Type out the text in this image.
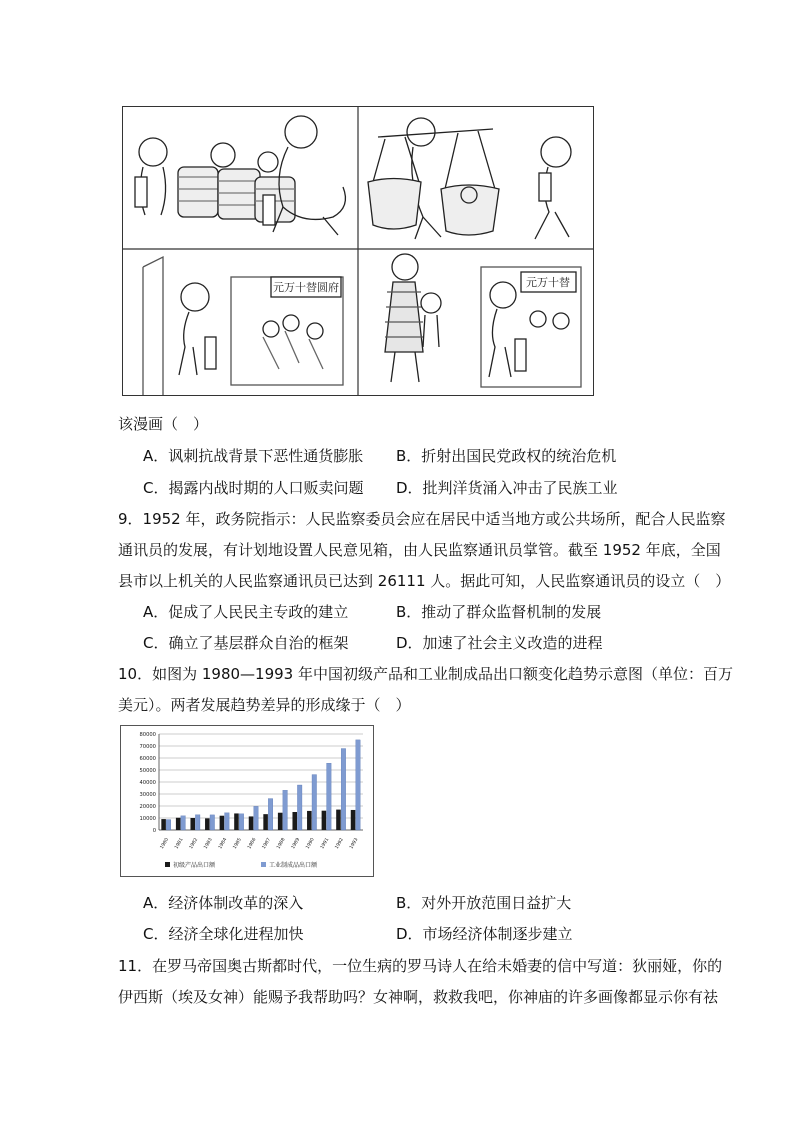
元万十替圆府	元万十替
该漫画（　）
A．讽刺抗战背景下恶性通货膨胀 B．折射出国民党政权的统治危机
C．揭露内战时期的人口贩卖问题 D．批判洋货涌入冲击了民族工业
9．1952 年，政务院指示：人民监察委员会应在居民中适当地方或公共场所，配合人民监察
通讯员的发展，有计划地设置人民意见箱，由人民监察通讯员掌管。截至 1952 年底，全国
县市以上机关的人民监察通讯员已达到 26111 人。据此可知，人民监察通讯员的设立（　）
A．促成了人民民主专政的建立	B．推动了群众监督机制的发展
C．确立了基层群众自治的框架	D．加速了社会主义改造的进程
10．如图为 1980—1993 年中国初级产品和工业制成品出口额变化趋势示意图（单位：百万
美元）。两者发展趋势差异的形成缘于（　）
0
10000
20000
30000
40000
50000
60000
70000
80000
1980 1981 1982 1983 1984 1985 1986 1987 1988 1989 1990 1991 1992 1993
初级产品出口额	工业制成品出口额
A．经济体制改革的深入	B．对外开放范围日益扩大
C．经济全球化进程加快	D．市场经济体制逐步建立
11．在罗马帝国奥古斯都时代，一位生病的罗马诗人在给未婚妻的信中写道：狄丽娅，你的
伊西斯（埃及女神）能赐予我帮助吗？女神啊，救救我吧，你神庙的许多画像都显示你有祛
